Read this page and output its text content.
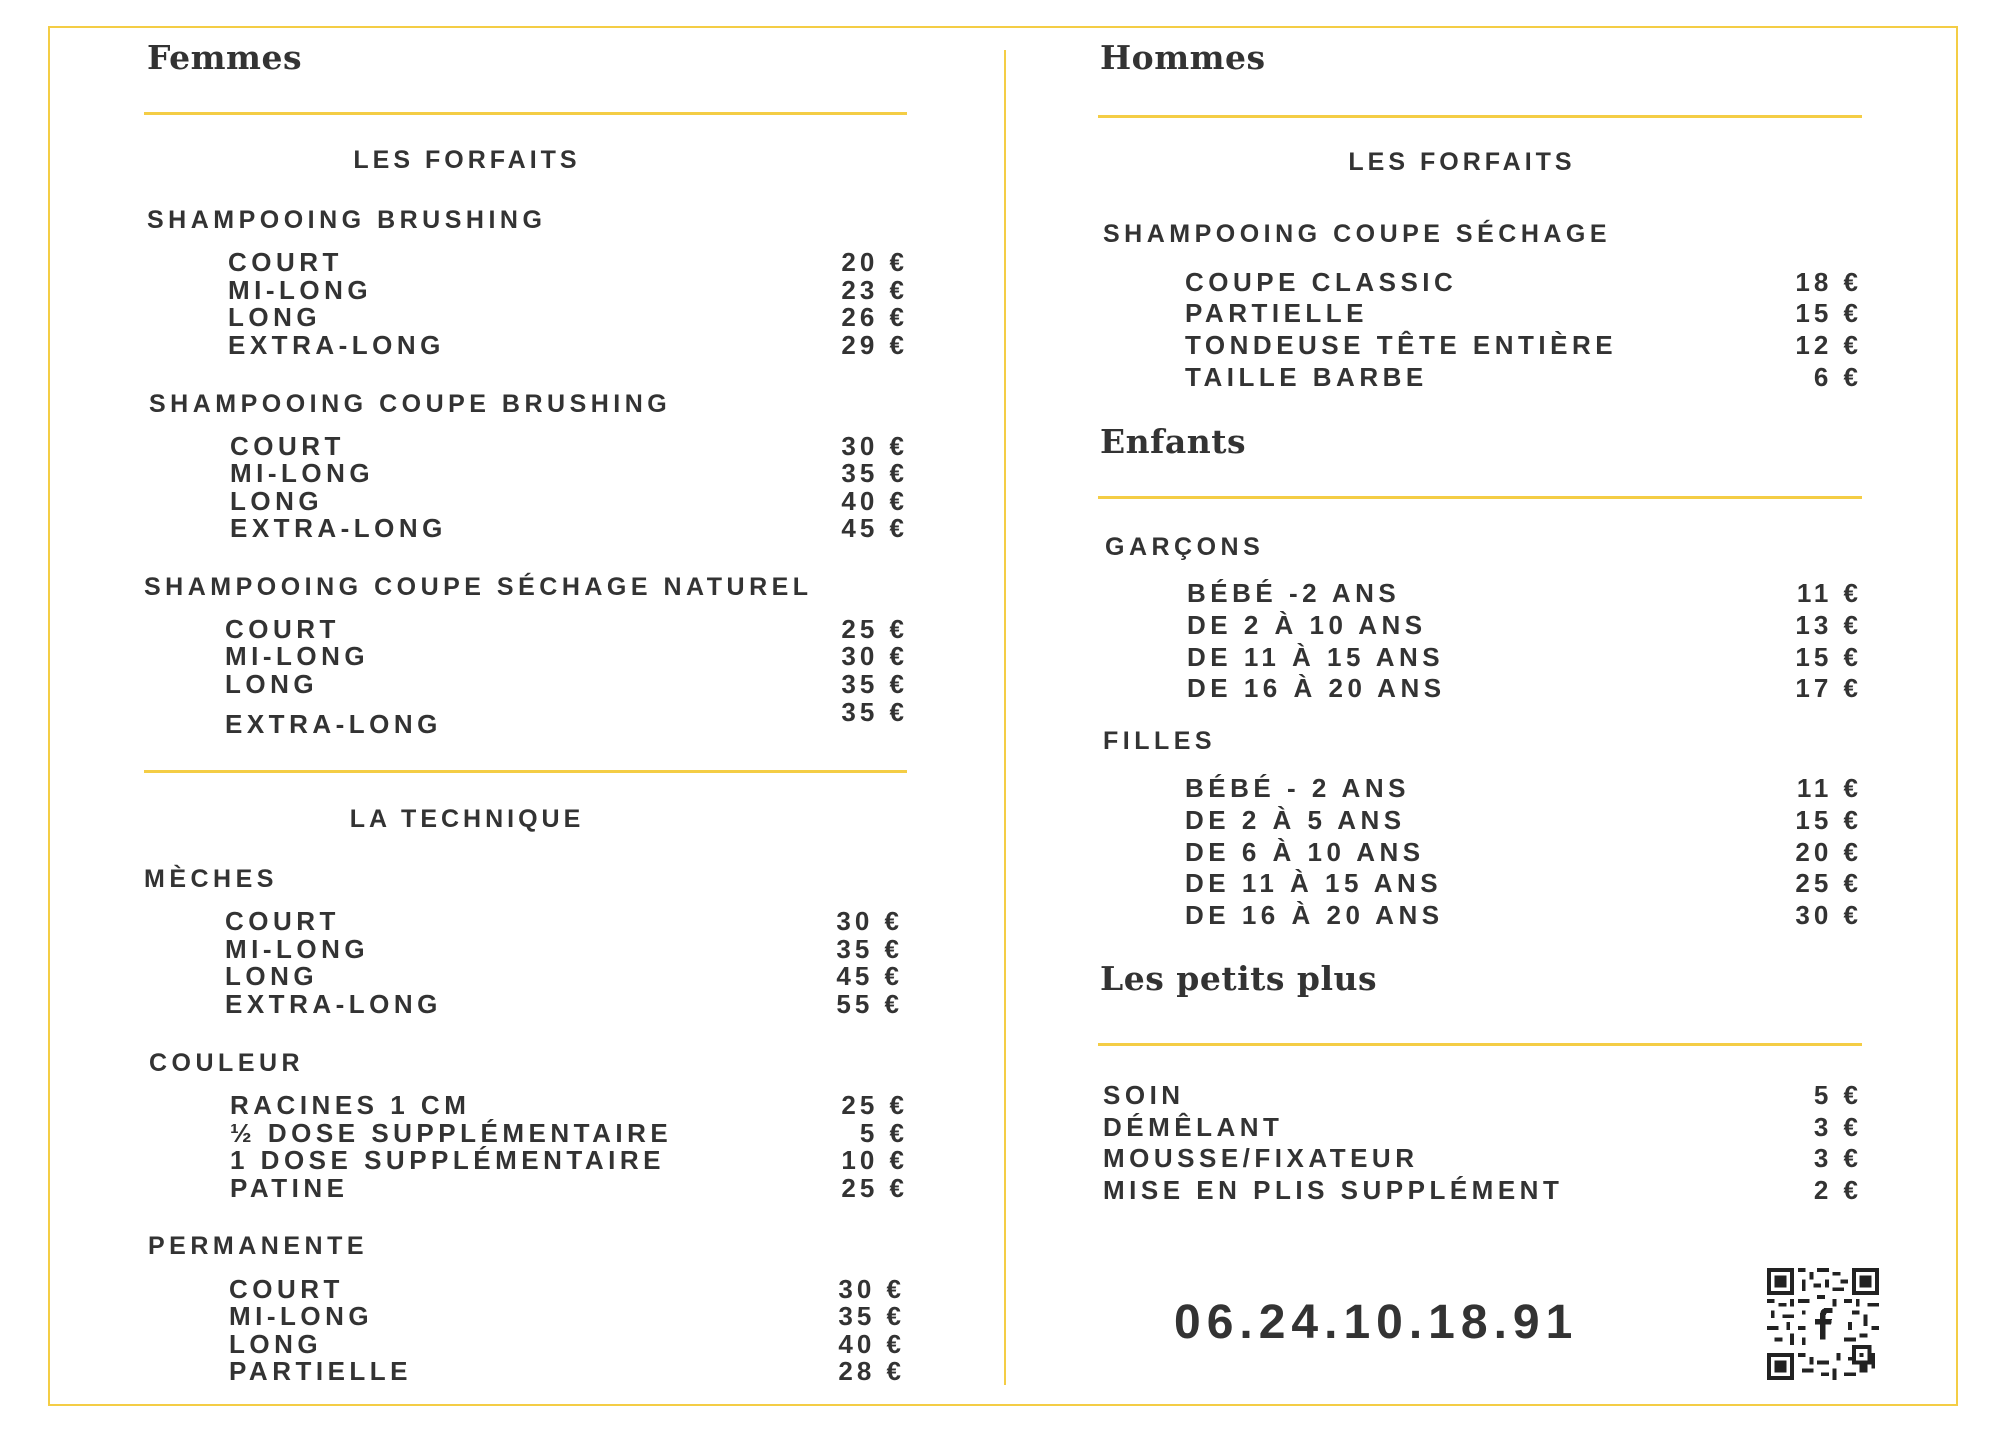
Femmes
LES FORFAITS
SHAMPOOING BRUSHING
COURT	20 €
MI-LONG	23 €
LONG	26 €
EXTRA-LONG	29 €
SHAMPOOING COUPE BRUSHING
COURT	30 €
MI-LONG	35 €
LONG	40 €
EXTRA-LONG	45 €
SHAMPOOING COUPE SÉCHAGE NATUREL
COURT	25 €
MI-LONG	30 €
LONG	35 €
EXTRA-LONG	35 €
LA TECHNIQUE
MÈCHES
COURT	30 €
MI-LONG	35 €
LONG	45 €
EXTRA-LONG	55 €
COULEUR
RACINES 1 CM	25 €
½ DOSE SUPPLÉMENTAIRE	5 €
1 DOSE SUPPLÉMENTAIRE	10 €
PATINE	25 €
PERMANENTE
COURT	30 €
MI-LONG	35 €
LONG	40 €
PARTIELLE	28 €
Hommes
LES FORFAITS
SHAMPOOING COUPE SÉCHAGE
COUPE CLASSIC	18 €
PARTIELLE	15 €
TONDEUSE TÊTE ENTIÈRE	12 €
TAILLE BARBE	6 €
Enfants
GARÇONS
BÉBÉ -2 ANS	11 €
DE 2 À 10 ANS	13 €
DE 11 À 15 ANS	15 €
DE 16 À 20 ANS	17 €
FILLES
BÉBÉ - 2 ANS	11 €
DE 2 À 5 ANS	15 €
DE 6 À 10 ANS	20 €
DE 11 À 15 ANS	25 €
DE 16 À 20 ANS	30 €
Les petits plus
SOIN	5 €
DÉMÊLANT	3 €
MOUSSE/FIXATEUR	3 €
MISE EN PLIS SUPPLÉMENT	2 €
06.24.10.18.91
